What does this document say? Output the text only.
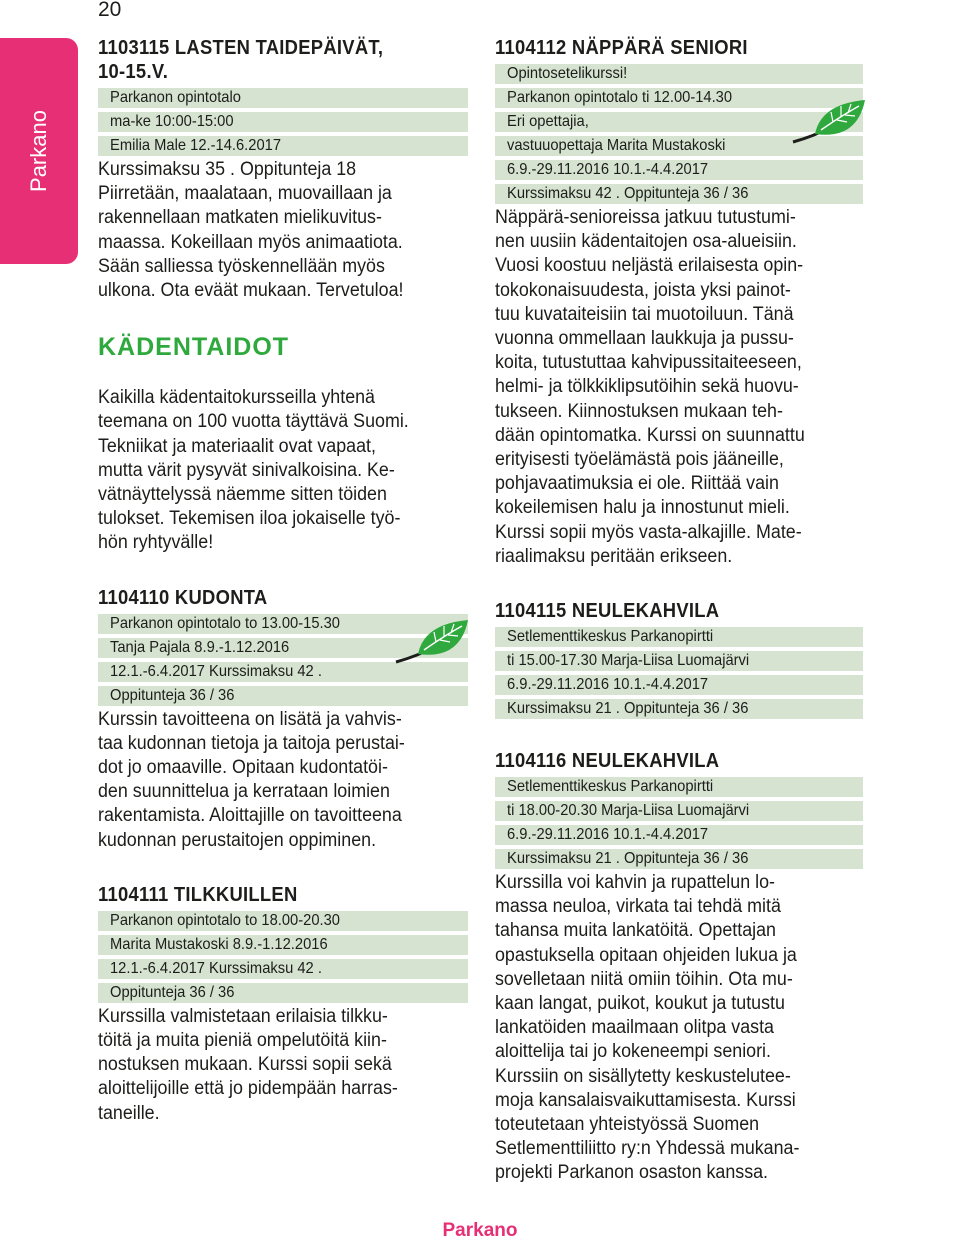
20
Parkano
1103115 LASTEN TAIDEPÄIVÄT,
10-15.V.
Parkanon opintotalo
ma-ke 10:00-15:00
Emilia Male 12.-14.6.2017
Kurssimaksu 35 . Oppitunteja 18
Piirretään, maalataan, muovaillaan ja
rakennellaan matkaten mielikuvitus-
maassa. Kokeillaan myös animaatiota.
Sään salliessa työskennellään myös
ulkona. Ota eväät mukaan. Tervetuloa!
KÄDENTAIDOT
Kaikilla kädentaitokursseilla yhtenä
teemana on 100 vuotta täyttävä Suomi.
Tekniikat ja materiaalit ovat vapaat,
mutta värit pysyvät sinivalkoisina. Ke-
vätnäyttelyssä näemme sitten töiden
tulokset. Tekemisen iloa jokaiselle työ-
hön ryhtyvälle!
1104110 KUDONTA
Parkanon opintotalo to 13.00-15.30
Tanja Pajala 8.9.-1.12.2016
12.1.-6.4.2017 Kurssimaksu 42 .
Oppitunteja 36 / 36
Kurssin tavoitteena on lisätä ja vahvis-
taa kudonnan tietoja ja taitoja perustai-
dot jo omaaville. Opitaan kudontatöi-
den suunnittelua ja kerrataan loimien
rakentamista. Aloittajille on tavoitteena
kudonnan perustaitojen oppiminen.
1104111 TILKKUILLEN
Parkanon opintotalo to 18.00-20.30
Marita Mustakoski 8.9.-1.12.2016
12.1.-6.4.2017 Kurssimaksu 42 .
Oppitunteja 36 / 36
Kurssilla valmistetaan erilaisia tilkku-
töitä ja muita pieniä ompelutöitä kiin-
nostuksen mukaan. Kurssi sopii sekä
aloittelijoille että jo pidempään harras-
taneille.
1104112 NÄPPÄRÄ SENIORI
Opintosetelikurssi!
Parkanon opintotalo ti 12.00-14.30
Eri opettajia,
vastuuopettaja Marita Mustakoski
6.9.-29.11.2016 10.1.-4.4.2017
Kurssimaksu 42 . Oppitunteja 36 / 36
Näppärä-senioreissa jatkuu tutustumi-
nen uusiin kädentaitojen osa-alueisiin.
Vuosi koostuu neljästä erilaisesta opin-
tokokonaisuudesta, joista yksi painot-
tuu kuvataiteisiin tai muotoiluun. Tänä
vuonna ommellaan laukkuja ja pussu-
koita, tutustuttaa kahvipussitaiteeseen,
helmi- ja tölkkiklipsutöihin sekä huovu-
tukseen. Kiinnostuksen mukaan teh-
dään opintomatka. Kurssi on suunnattu
erityisesti työelämästä pois jääneille,
pohjavaatimuksia ei ole. Riittää vain
kokeilemisen halu ja innostunut mieli.
Kurssi sopii myös vasta-alkajille. Mate-
riaalimaksu peritään erikseen.
1104115 NEULEKAHVILA
Setlementtikeskus Parkanopirtti
ti 15.00-17.30 Marja-Liisa Luomajärvi
6.9.-29.11.2016 10.1.-4.4.2017
Kurssimaksu 21 . Oppitunteja 36 / 36
1104116 NEULEKAHVILA
Setlementtikeskus Parkanopirtti
ti 18.00-20.30 Marja-Liisa Luomajärvi
6.9.-29.11.2016 10.1.-4.4.2017
Kurssimaksu 21 . Oppitunteja 36 / 36
Kurssilla voi kahvin ja rupattelun lo-
massa neuloa, virkata tai tehdä mitä
tahansa muita lankatöitä. Opettajan
opastuksella opitaan ohjeiden lukua ja
sovelletaan niitä omiin töihin. Ota mu-
kaan langat, puikot, koukut ja tutustu
lankatöiden maailmaan olitpa vasta
aloittelija tai jo kokeneempi seniori.
Kurssiin on sisällytetty keskustelutee-
moja kansalaisvaikuttamisesta. Kurssi
toteutetaan yhteistyössä Suomen
Setlementtiliitto ry:n Yhdessä mukana-
projekti Parkanon osaston kanssa.
Parkano
